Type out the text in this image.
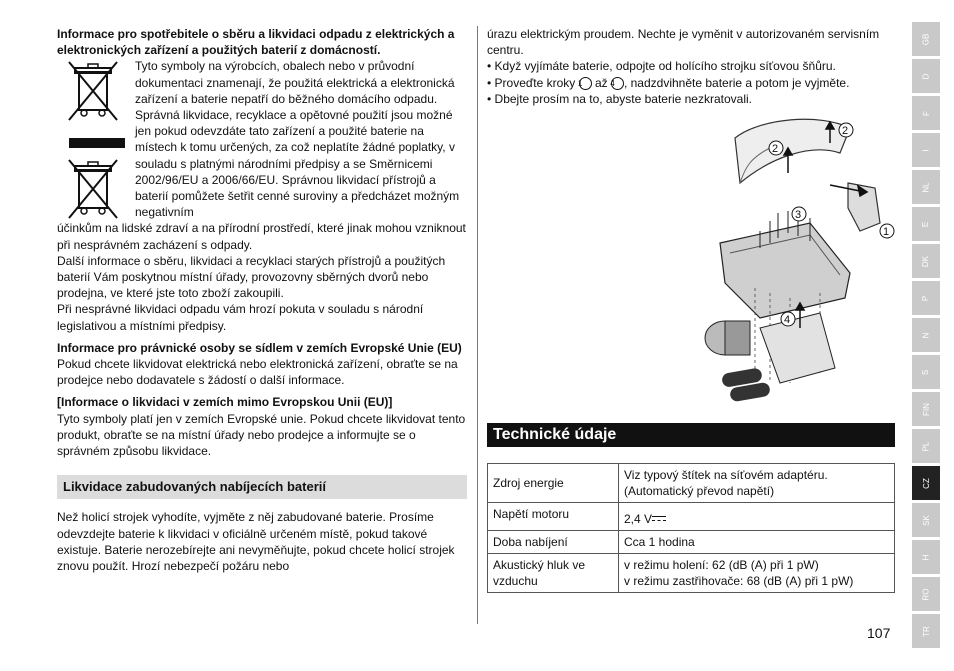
Informace pro spotřebitele o sběru a likvidaci odpadu z elektrických a elektronických zařízení a použitých baterií z domácností.

Tyto symboly na výrobcích, obalech nebo v průvodní dokumentaci znamenají, že použitá elektrická a elektronická zařízení a baterie nepatří do běžného domácího odpadu.

Správná likvidace, recyklace a opětovné použití jsou možné jen pokud odevzdáte tato zařízení a použité baterie na místech k tomu určených, za což neplatíte žádné poplatky, v souladu s platnými národními předpisy a se Směrnicemi 2002/96/EU a 2006/66/EU. Správnou likvidací přístrojů a baterií pomůžete šetřit cenné suroviny a předcházet možným negativním

účinkům na lidské zdraví a na přírodní prostředí, které jinak mohou vzniknout při nesprávném zacházení s odpady.

Další informace o sběru, likvidaci a recyklaci starých přístrojů a použitých baterií Vám poskytnou místní úřady, provozovny sběrných dvorů nebo prodejna, ve které jste toto zboží zakoupili.

Při nesprávné likvidaci odpadu vám hrozí pokuta v souladu s národní legislativou a místními předpisy.

Informace pro právnické osoby se sídlem v zemích Evropské Unie (EU)

Pokud chcete likvidovat elektrická nebo elektronická zařízení, obraťte se na prodejce nebo dodavatele s žádostí o další informace.

[Informace o likvidaci v zemích mimo Evropskou Unii (EU)]

Tyto symboly platí jen v zemích Evropské unie. Pokud chcete likvidovat tento produkt, obraťte se na místní úřady nebo prodejce a informujte se o správném způsobu likvidace.

Likvidace zabudovaných nabíjecích baterií

Než holicí strojek vyhodíte, vyjměte z něj zabudované baterie. Prosíme odevzdejte baterie k likvidaci v oficiálně určeném místě, pokud takové existuje. Baterie nerozebírejte ani nevyměňujte, pokud chcete holicí strojek znovu použít. Hrozí nebezpečí požáru nebo

úrazu elektrickým proudem. Nechte je vyměnit v autorizovaném servisním centru.

• Když vyjímáte baterie, odpojte od holícího strojku síťovou šňůru.

• Proveďte kroky 1 až 4 , nadzdvihněte baterie a potom je vyjměte.

• Dbejte prosím na to, abyste baterie nezkratovali.

2
2
3
1
4
Technické údaje
Zdroj energie	Viz typový štítek na síťovém adaptéru.
(Automatický převod napětí)

Napětí motoru	2,4 V
Doba nabíjení	Cca 1 hodina
Akustický hluk ve vzduchu	v režimu holení: 62 (dB (A) při 1 pW)
v režimu zastřihovače: 68 (dB (A) při 1 pW)
GB
D
F
I
NL
E
DK
P
N
S
FIN
PL
CZ
SK
H
RO
TR
107
